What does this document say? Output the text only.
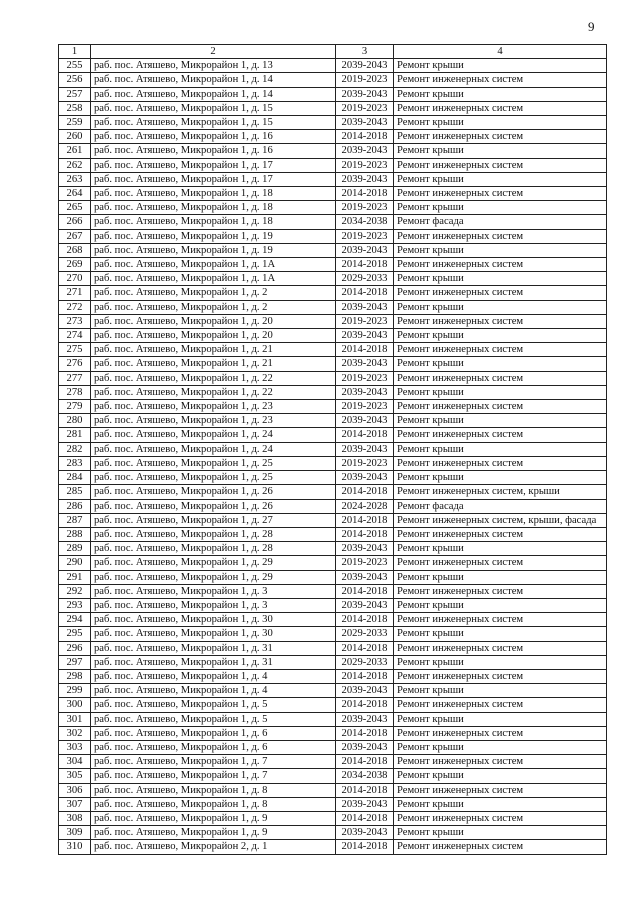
9
1	2	3	4
255	раб. пос. Атяшево, Микрорайон 1, д. 13	2039-2043	Ремонт крыши
256	раб. пос. Атяшево, Микрорайон 1, д. 14	2019-2023	Ремонт инженерных систем
257	раб. пос. Атяшево, Микрорайон 1, д. 14	2039-2043	Ремонт крыши
258	раб. пос. Атяшево, Микрорайон 1, д. 15	2019-2023	Ремонт инженерных систем
259	раб. пос. Атяшево, Микрорайон 1, д. 15	2039-2043	Ремонт крыши
260	раб. пос. Атяшево, Микрорайон 1, д. 16	2014-2018	Ремонт инженерных систем
261	раб. пос. Атяшево, Микрорайон 1, д. 16	2039-2043	Ремонт крыши
262	раб. пос. Атяшево, Микрорайон 1, д. 17	2019-2023	Ремонт инженерных систем
263	раб. пос. Атяшево, Микрорайон 1, д. 17	2039-2043	Ремонт крыши
264	раб. пос. Атяшево, Микрорайон 1, д. 18	2014-2018	Ремонт инженерных систем
265	раб. пос. Атяшево, Микрорайон 1, д. 18	2019-2023	Ремонт крыши
266	раб. пос. Атяшево, Микрорайон 1, д. 18	2034-2038	Ремонт фасада
267	раб. пос. Атяшево, Микрорайон 1, д. 19	2019-2023	Ремонт инженерных систем
268	раб. пос. Атяшево, Микрорайон 1, д. 19	2039-2043	Ремонт крыши
269	раб. пос. Атяшево, Микрорайон 1, д. 1А	2014-2018	Ремонт инженерных систем
270	раб. пос. Атяшево, Микрорайон 1, д. 1А	2029-2033	Ремонт крыши
271	раб. пос. Атяшево, Микрорайон 1, д. 2	2014-2018	Ремонт инженерных систем
272	раб. пос. Атяшево, Микрорайон 1, д. 2	2039-2043	Ремонт крыши
273	раб. пос. Атяшево, Микрорайон 1, д. 20	2019-2023	Ремонт инженерных систем
274	раб. пос. Атяшево, Микрорайон 1, д. 20	2039-2043	Ремонт крыши
275	раб. пос. Атяшево, Микрорайон 1, д. 21	2014-2018	Ремонт инженерных систем
276	раб. пос. Атяшево, Микрорайон 1, д. 21	2039-2043	Ремонт крыши
277	раб. пос. Атяшево, Микрорайон 1, д. 22	2019-2023	Ремонт инженерных систем
278	раб. пос. Атяшево, Микрорайон 1, д. 22	2039-2043	Ремонт крыши
279	раб. пос. Атяшево, Микрорайон 1, д. 23	2019-2023	Ремонт инженерных систем
280	раб. пос. Атяшево, Микрорайон 1, д. 23	2039-2043	Ремонт крыши
281	раб. пос. Атяшево, Микрорайон 1, д. 24	2014-2018	Ремонт инженерных систем
282	раб. пос. Атяшево, Микрорайон 1, д. 24	2039-2043	Ремонт крыши
283	раб. пос. Атяшево, Микрорайон 1, д. 25	2019-2023	Ремонт инженерных систем
284	раб. пос. Атяшево, Микрорайон 1, д. 25	2039-2043	Ремонт крыши
285	раб. пос. Атяшево, Микрорайон 1, д. 26	2014-2018	Ремонт инженерных систем, крыши
286	раб. пос. Атяшево, Микрорайон 1, д. 26	2024-2028	Ремонт фасада
287	раб. пос. Атяшево, Микрорайон 1, д. 27	2014-2018	Ремонт инженерных систем, крыши, фасада
288	раб. пос. Атяшево, Микрорайон 1, д. 28	2014-2018	Ремонт инженерных систем
289	раб. пос. Атяшево, Микрорайон 1, д. 28	2039-2043	Ремонт крыши
290	раб. пос. Атяшево, Микрорайон 1, д. 29	2019-2023	Ремонт инженерных систем
291	раб. пос. Атяшево, Микрорайон 1, д. 29	2039-2043	Ремонт крыши
292	раб. пос. Атяшево, Микрорайон 1, д. 3	2014-2018	Ремонт инженерных систем
293	раб. пос. Атяшево, Микрорайон 1, д. 3	2039-2043	Ремонт крыши
294	раб. пос. Атяшево, Микрорайон 1, д. 30	2014-2018	Ремонт инженерных систем
295	раб. пос. Атяшево, Микрорайон 1, д. 30	2029-2033	Ремонт крыши
296	раб. пос. Атяшево, Микрорайон 1, д. 31	2014-2018	Ремонт инженерных систем
297	раб. пос. Атяшево, Микрорайон 1, д. 31	2029-2033	Ремонт крыши
298	раб. пос. Атяшево, Микрорайон 1, д. 4	2014-2018	Ремонт инженерных систем
299	раб. пос. Атяшево, Микрорайон 1, д. 4	2039-2043	Ремонт крыши
300	раб. пос. Атяшево, Микрорайон 1, д. 5	2014-2018	Ремонт инженерных систем
301	раб. пос. Атяшево, Микрорайон 1, д. 5	2039-2043	Ремонт крыши
302	раб. пос. Атяшево, Микрорайон 1, д. 6	2014-2018	Ремонт инженерных систем
303	раб. пос. Атяшево, Микрорайон 1, д. 6	2039-2043	Ремонт крыши
304	раб. пос. Атяшево, Микрорайон 1, д. 7	2014-2018	Ремонт инженерных систем
305	раб. пос. Атяшево, Микрорайон 1, д. 7	2034-2038	Ремонт крыши
306	раб. пос. Атяшево, Микрорайон 1, д. 8	2014-2018	Ремонт инженерных систем
307	раб. пос. Атяшево, Микрорайон 1, д. 8	2039-2043	Ремонт крыши
308	раб. пос. Атяшево, Микрорайон 1, д. 9	2014-2018	Ремонт инженерных систем
309	раб. пос. Атяшево, Микрорайон 1, д. 9	2039-2043	Ремонт крыши
310	раб. пос. Атяшево, Микрорайон 2, д. 1	2014-2018	Ремонт инженерных систем
